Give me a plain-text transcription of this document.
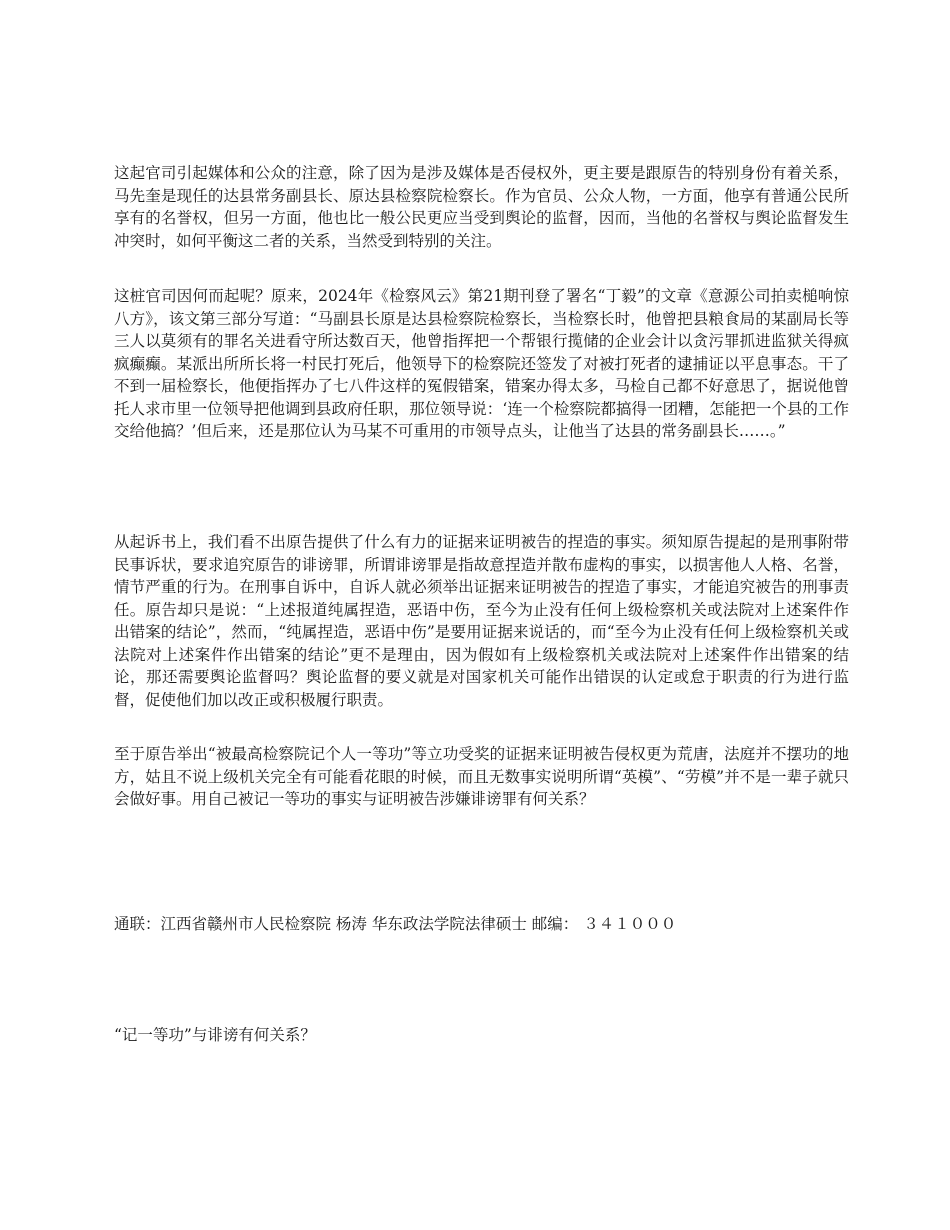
这起官司引起媒体和公众的注意，除了因为是涉及媒体是否侵权外，更主要是跟原告的特别身份有着关系，马先奎是现任的达县常务副县长、原达县检察院检察长。作为官员、公众人物，一方面，他享有普通公民所享有的名誉权，但另一方面，他也比一般公民更应当受到舆论的监督，因而，当他的名誉权与舆论监督发生冲突时，如何平衡这二者的关系，当然受到特别的关注。

这桩官司因何而起呢？原来，2024年《检察风云》第21期刊登了署名“丁毅”的文章《意源公司拍卖槌响惊八方》，该文第三部分写道：“马副县长原是达县检察院检察长，当检察长时，他曾把县粮食局的某副局长等三人以莫须有的罪名关进看守所达数百天，他曾指挥把一个帮银行揽储的企业会计以贪污罪抓进监狱关得疯疯癫癫。某派出所所长将一村民打死后，他领导下的检察院还签发了对被打死者的逮捕证以平息事态。干了不到一届检察长，他便指挥办了七八件这样的冤假错案，错案办得太多，马检自己都不好意思了，据说他曾托人求市里一位领导把他调到县政府任职，那位领导说：‘连一个检察院都搞得一团糟，怎能把一个县的工作交给他搞？’但后来，还是那位认为马某不可重用的市领导点头，让他当了达县的常务副县长……。”

从起诉书上，我们看不出原告提供了什么有力的证据来证明被告的捏造的事实。须知原告提起的是刑事附带民事诉状，要求追究原告的诽谤罪，所谓诽谤罪是指故意捏造并散布虚构的事实，以损害他人人格、名誉，情节严重的行为。在刑事自诉中，自诉人就必须举出证据来证明被告的捏造了事实，才能追究被告的刑事责任。原告却只是说：“上述报道纯属捏造，恶语中伤，至今为止没有任何上级检察机关或法院对上述案件作出错案的结论”，然而，“纯属捏造，恶语中伤”是要用证据来说话的，而“至今为止没有任何上级检察机关或法院对上述案件作出错案的结论”更不是理由，因为假如有上级检察机关或法院对上述案件作出错案的结论，那还需要舆论监督吗？舆论监督的要义就是对国家机关可能作出错误的认定或怠于职责的行为进行监督，促使他们加以改正或积极履行职责。

至于原告举出“被最高检察院记个人一等功”等立功受奖的证据来证明被告侵权更为荒唐，法庭并不摆功的地方，姑且不说上级机关完全有可能看花眼的时候，而且无数事实说明所谓“英模”、“劳模”并不是一辈子就只会做好事。用自己被记一等功的事实与证明被告涉嫌诽谤罪有何关系？

通联：江西省赣州市人民检察院 杨涛 华东政法学院法律硕士 邮编： ３４１０００

“记一等功”与诽谤有何关系？
